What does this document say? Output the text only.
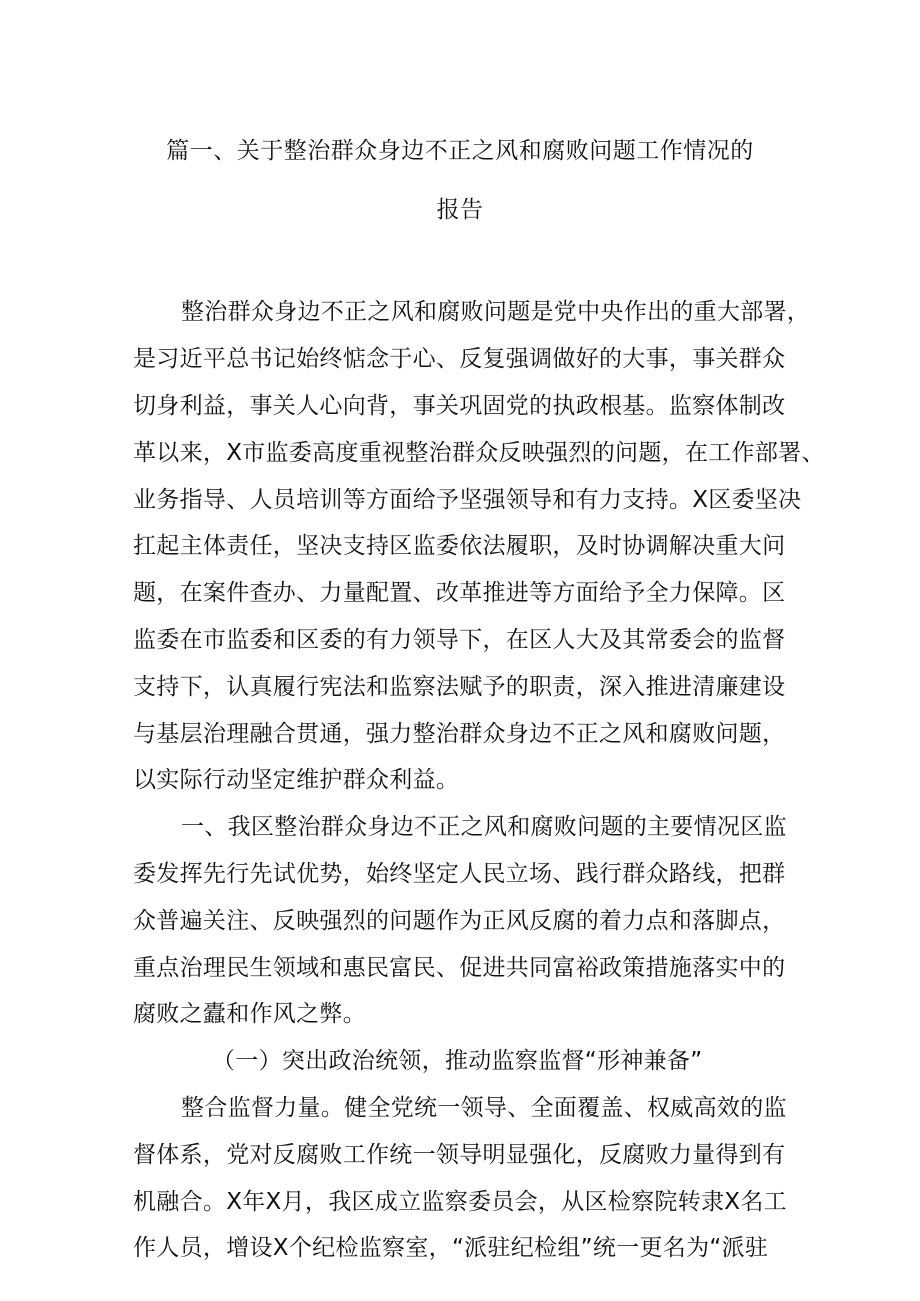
篇一、关于整治群众身边不正之风和腐败问题工作情况的
报告
整治群众身边不正之风和腐败问题是党中央作出的重大部署，
是习近平总书记始终惦念于心、反复强调做好的大事，事关群众
切身利益，事关人心向背，事关巩固党的执政根基。监察体制改
革以来，X市监委高度重视整治群众反映强烈的问题，在工作部署、
业务指导、人员培训等方面给予坚强领导和有力支持。X区委坚决
扛起主体责任，坚决支持区监委依法履职，及时协调解决重大问
题，在案件查办、力量配置、改革推进等方面给予全力保障。区
监委在市监委和区委的有力领导下，在区人大及其常委会的监督
支持下，认真履行宪法和监察法赋予的职责，深入推进清廉建设
与基层治理融合贯通，强力整治群众身边不正之风和腐败问题，
以实际行动坚定维护群众利益。
一、我区整治群众身边不正之风和腐败问题的主要情况区监
委发挥先行先试优势，始终坚定人民立场、践行群众路线，把群
众普遍关注、反映强烈的问题作为正风反腐的着力点和落脚点，
重点治理民生领域和惠民富民、促进共同富裕政策措施落实中的
腐败之蠹和作风之弊。
（一）突出政治统领，推动监察监督“形神兼备”
整合监督力量。健全党统一领导、全面覆盖、权威高效的监
督体系，党对反腐败工作统一领导明显强化，反腐败力量得到有
机融合。X年X月，我区成立监察委员会，从区检察院转隶X名工
作人员，增设X个纪检监察室，“派驻纪检组”统一更名为“派驻
